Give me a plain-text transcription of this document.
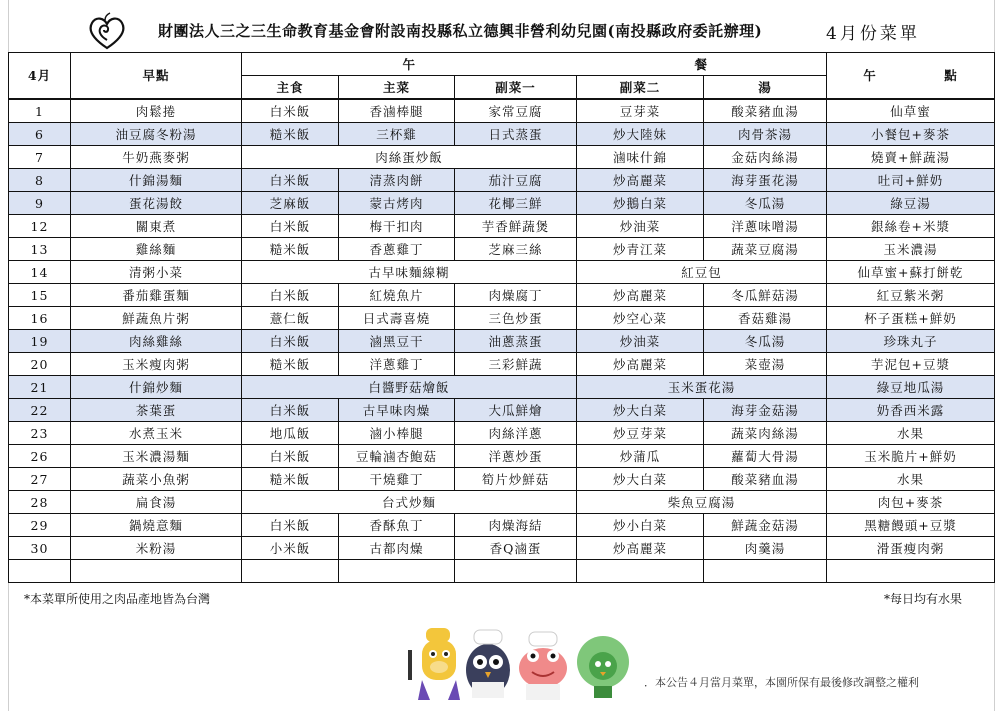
財團法人三之三生命教育基金會附設南投縣私立德興非營利幼兒園(南投縣政府委託辦理)	4月份菜單
4月	早點	午			餐		午　　　　　點
		主食	主菜	副菜一	副菜二	湯	
1	肉鬆捲	白米飯	香滷棒腿	家常豆腐	豆芽菜	酸菜豬血湯	仙草蜜
6	油豆腐冬粉湯	糙米飯	三杯雞	日式蒸蛋	炒大陸妹	肉骨茶湯	小餐包+麥茶
7	牛奶燕麥粥	肉絲蛋炒飯			滷味什錦	金菇肉絲湯	燒賣+鮮蔬湯
8	什錦湯麵	白米飯	清蒸肉餅	茄汁豆腐	炒高麗菜	海芽蛋花湯	吐司+鮮奶
9	蛋花湯餃	芝麻飯	蒙古烤肉	花椰三鮮	炒鵝白菜	冬瓜湯	綠豆湯
12	關東煮	白米飯	梅干扣肉	芋香鮮蔬煲	炒油菜	洋蔥味噌湯	銀絲卷+米漿
13	雞絲麵	糙米飯	香蔥雞丁	芝麻三絲	炒青江菜	蔬菜豆腐湯	玉米濃湯
14	清粥小菜	古早味麵線糊			紅豆包		仙草蜜+蘇打餅乾
15	番茄雞蛋麵	白米飯	紅燒魚片	肉燥腐丁	炒高麗菜	冬瓜鮮菇湯	紅豆紫米粥
16	鮮蔬魚片粥	薏仁飯	日式壽喜燒	三色炒蛋	炒空心菜	香菇雞湯	杯子蛋糕+鮮奶
19	肉絲雞絲	白米飯	滷黑豆干	油蔥蒸蛋	炒油菜	冬瓜湯	珍珠丸子
20	玉米瘦肉粥	糙米飯	洋蔥雞丁	三彩鮮蔬	炒高麗菜	菜壺湯	芋泥包+豆漿
21	什錦炒麵	白醬野菇燴飯			玉米蛋花湯		綠豆地瓜湯
22	茶葉蛋	白米飯	古早味肉燥	大瓜鮮燴	炒大白菜	海芽金菇湯	奶香西米露
23	水煮玉米	地瓜飯	滷小棒腿	肉絲洋蔥	炒豆芽菜	蔬菜肉絲湯	水果
26	玉米濃湯麵	白米飯	豆輪滷杏鮑菇	洋蔥炒蛋	炒蒲瓜	蘿蔔大骨湯	玉米脆片+鮮奶
27	蔬菜小魚粥	糙米飯	干燒雞丁	筍片炒鮮菇	炒大白菜	酸菜豬血湯	水果
28	扁食湯	台式炒麵			柴魚豆腐湯		肉包+麥茶
29	鍋燒意麵	白米飯	香酥魚丁	肉燥海結	炒小白菜	鮮蔬金菇湯	黑糖饅頭+豆漿
30	米粉湯	小米飯	古都肉燥	香Q滷蛋	炒高麗菜	肉羹湯	滑蛋瘦肉粥

*本菜單所使用之肉品產地皆為台灣	*每日均有水果
．本公告４月當月菜單，本園所保有最後修改調整之權利
